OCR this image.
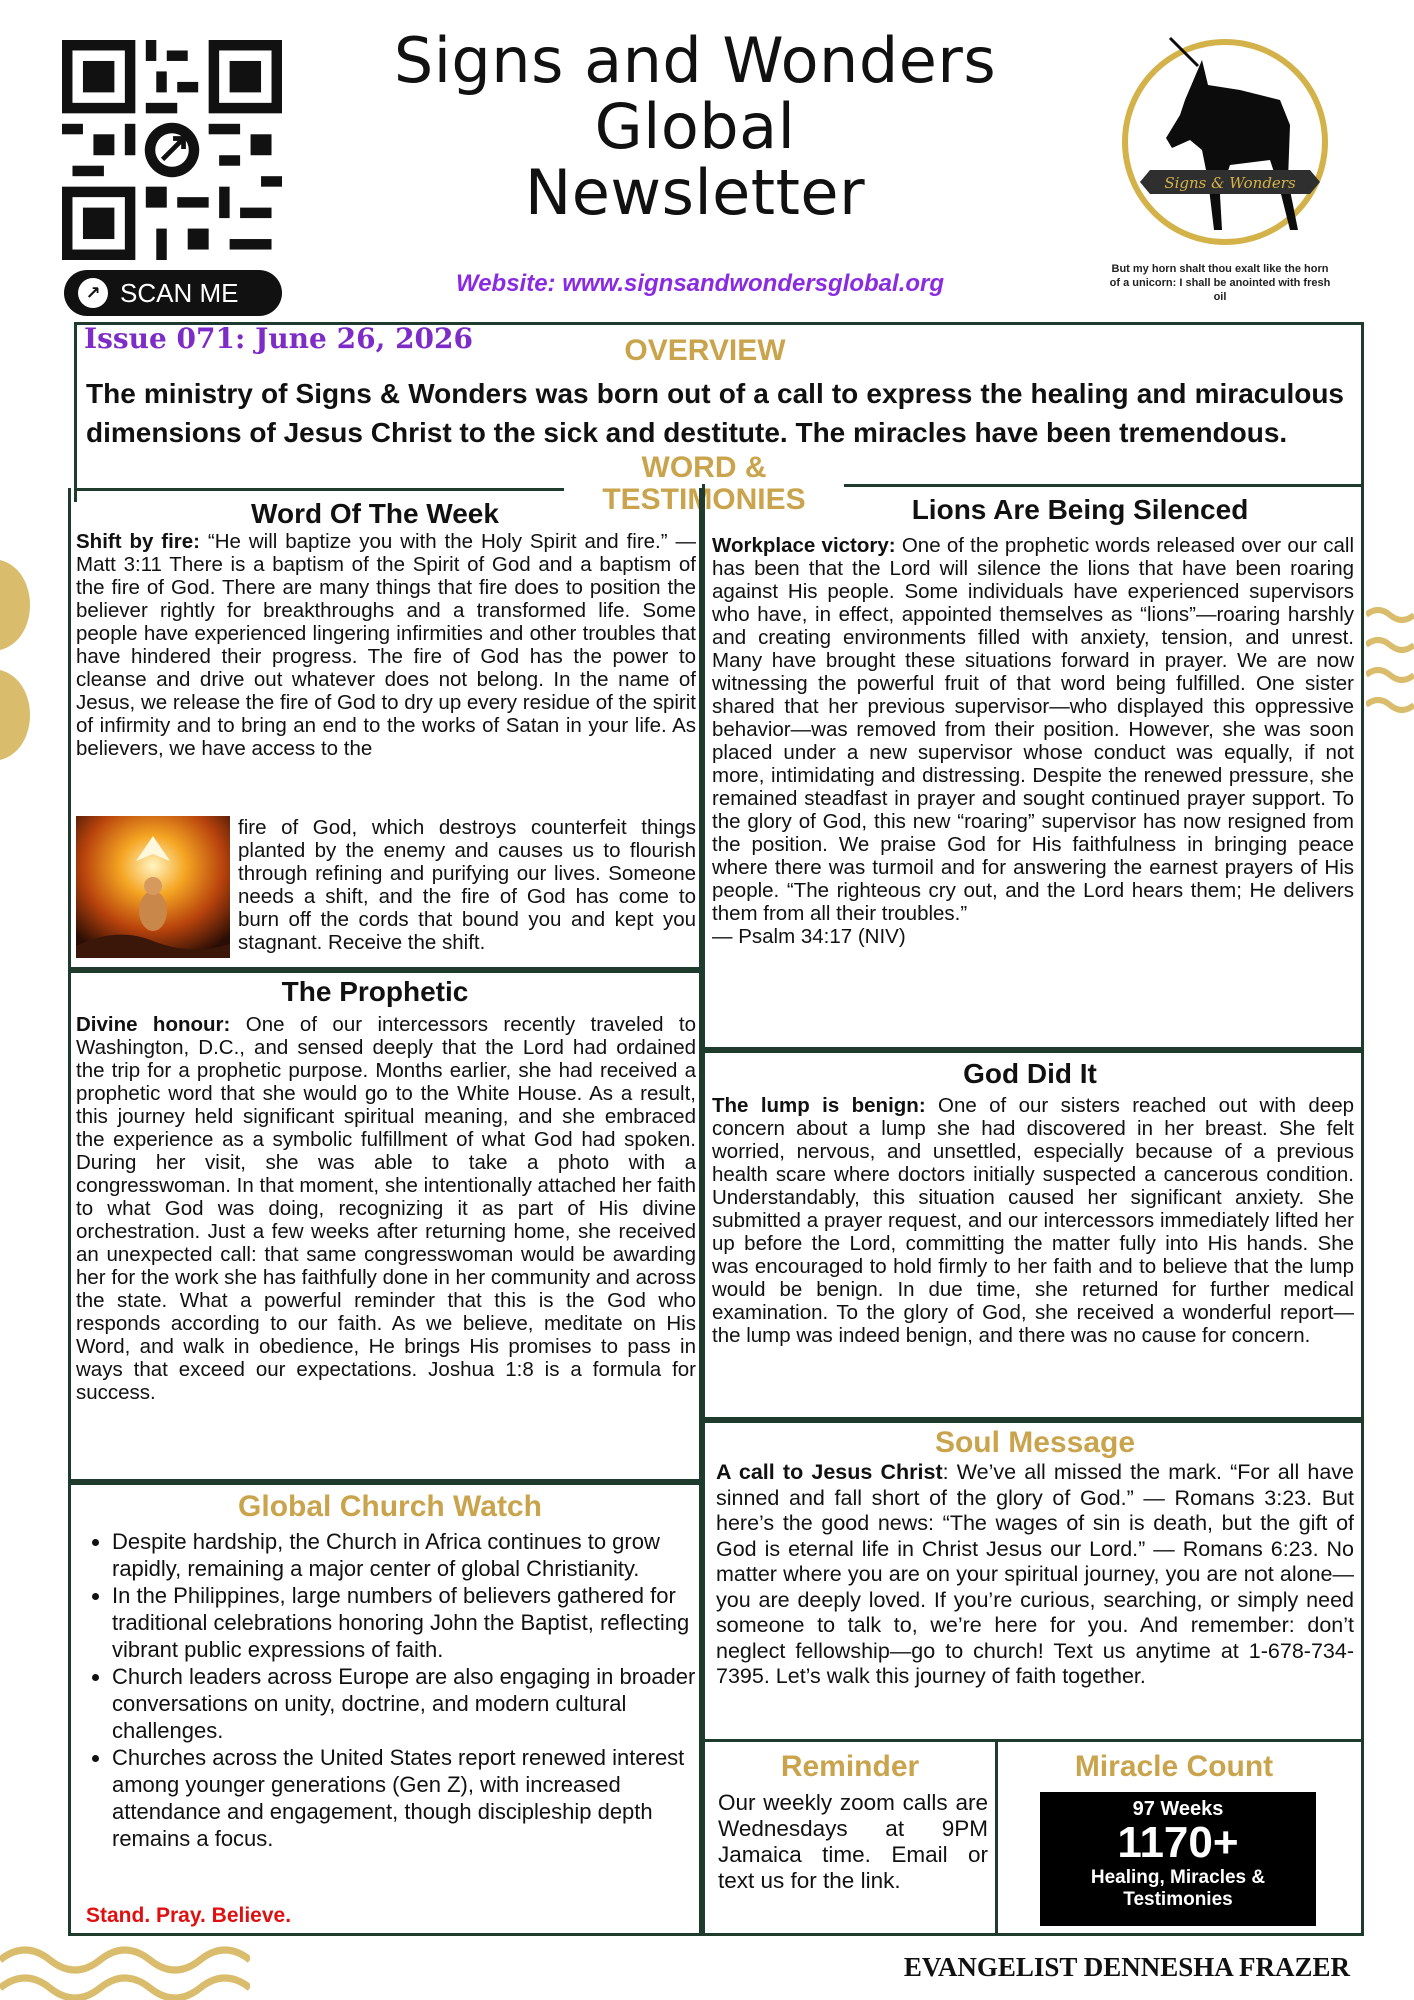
↗ SCAN ME
Signs and Wonders
Global
Newsletter
Website: www.signsandwondersglobal.org
Signs & Wonders
But my horn shalt thou exalt like the horn of a unicorn: I shall be anointed with fresh oil
Issue 071: June 26, 2026	OVERVIEW
The ministry of Signs & Wonders was born out of a call to express the healing and miraculous dimensions of Jesus Christ to the sick and destitute. The miracles have been tremendous.
WORD &
TESTIMONIES
Word Of The Week
Shift by fire: “He will baptize you with the Holy Spirit and fire.” — Matt 3:11 There is a baptism of the Spirit of God and a baptism of the fire of God. There are many things that fire does to position the believer rightly for breakthroughs and a transformed life. Some people have experienced lingering infirmities and other troubles that have hindered their progress. The fire of God has the power to cleanse and drive out whatever does not belong. In the name of Jesus, we release the fire of God to dry up every residue of the spirit of infirmity and to bring an end to the works of Satan in your life. As believers, we have access to the
fire of God, which destroys counterfeit things planted by the enemy and causes us to flourish through refining and purifying our lives. Someone needs a shift, and the fire of God has come to burn off the cords that bound you and kept you stagnant. Receive the shift.
The Prophetic
Divine honour: One of our intercessors recently traveled to Washington, D.C., and sensed deeply that the Lord had ordained the trip for a prophetic purpose. Months earlier, she had received a prophetic word that she would go to the White House. As a result, this journey held significant spiritual meaning, and she embraced the experience as a symbolic fulfillment of what God had spoken. During her visit, she was able to take a photo with a congresswoman. In that moment, she intentionally attached her faith to what God was doing, recognizing it as part of His divine orchestration. Just a few weeks after returning home, she received an unexpected call: that same congresswoman would be awarding her for the work she has faithfully done in her community and across the state. What a powerful reminder that this is the God who responds according to our faith. As we believe, meditate on His Word, and walk in obedience, He brings His promises to pass in ways that exceed our expectations. Joshua 1:8 is a formula for success.
Global Church Watch
• Despite hardship, the Church in Africa continues to grow rapidly, remaining a major center of global Christianity.
• In the Philippines, large numbers of believers gathered for traditional celebrations honoring John the Baptist, reflecting vibrant public expressions of faith.
• Church leaders across Europe are also engaging in broader conversations on unity, doctrine, and modern cultural challenges.
• Churches across the United States report renewed interest among younger generations (Gen Z), with increased attendance and engagement, though discipleship depth remains a focus.
Stand. Pray. Believe.
Lions Are Being Silenced
Workplace victory: One of the prophetic words released over our call has been that the Lord will silence the lions that have been roaring against His people. Some individuals have experienced supervisors who have, in effect, appointed themselves as “lions”—roaring harshly and creating environments filled with anxiety, tension, and unrest. Many have brought these situations forward in prayer. We are now witnessing the powerful fruit of that word being fulfilled. One sister shared that her previous supervisor—who displayed this oppressive behavior—was removed from their position. However, she was soon placed under a new supervisor whose conduct was equally, if not more, intimidating and distressing. Despite the renewed pressure, she remained steadfast in prayer and sought continued prayer support. To the glory of God, this new “roaring” supervisor has now resigned from the position. We praise God for His faithfulness in bringing peace where there was turmoil and for answering the earnest prayers of His people. “The righteous cry out, and the Lord hears them; He delivers them from all their troubles.”
— Psalm 34:17 (NIV)
God Did It
The lump is benign: One of our sisters reached out with deep concern about a lump she had discovered in her breast. She felt worried, nervous, and unsettled, especially because of a previous health scare where doctors initially suspected a cancerous condition. Understandably, this situation caused her significant anxiety. She submitted a prayer request, and our intercessors immediately lifted her up before the Lord, committing the matter fully into His hands. She was encouraged to hold firmly to her faith and to believe that the lump would be benign. In due time, she returned for further medical examination. To the glory of God, she received a wonderful report—the lump was indeed benign, and there was no cause for concern.
Soul Message
A call to Jesus Christ: We’ve all missed the mark. “For all have sinned and fall short of the glory of God.” — Romans 3:23. But here’s the good news: “The wages of sin is death, but the gift of God is eternal life in Christ Jesus our Lord.” — Romans 6:23. No matter where you are on your spiritual journey, you are not alone—you are deeply loved. If you’re curious, searching, or simply need someone to talk to, we’re here for you. And remember: don’t neglect fellowship—go to church! Text us anytime at 1-678-734-7395. Let’s walk this journey of faith together.
Reminder
Our weekly zoom calls are Wednesdays at 9PM Jamaica time. Email or text us for the link.
Miracle Count
97 Weeks
1170+
Healing, Miracles & Testimonies
EVANGELIST DENNESHA FRAZER
